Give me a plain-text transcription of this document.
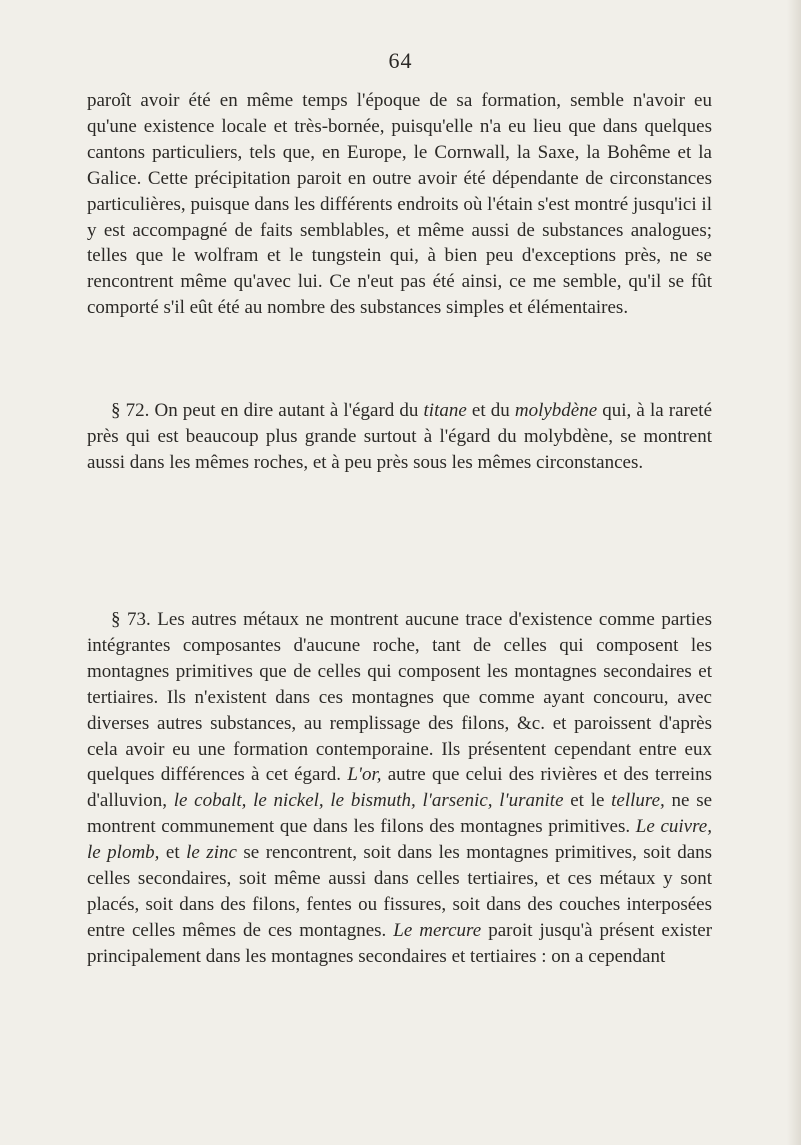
64
paroît avoir été en même temps l'époque de sa formation, semble n'avoir eu qu'une existence locale et très-bornée, puisqu'elle n'a eu lieu que dans quelques cantons particuliers, tels que, en Europe, le Cornwall, la Saxe, la Bohême et la Galice. Cette précipitation paroit en outre avoir été dépendante de circonstances particulières, puisque dans les différents endroits où l'étain s'est montré jusqu'ici il y est accompagné de faits semblables, et même aussi de substances analogues; telles que le wolfram et le tungstein qui, à bien peu d'exceptions près, ne se rencontrent même qu'avec lui. Ce n'eut pas été ainsi, ce me semble, qu'il se fût comporté s'il eût été au nombre des substances simples et élémentaires.
§ 72. On peut en dire autant à l'égard du titane et du molybdène qui, à la rareté près qui est beaucoup plus grande surtout à l'égard du molybdène, se montrent aussi dans les mêmes roches, et à peu près sous les mêmes circonstances.
§ 73. Les autres métaux ne montrent aucune trace d'existence comme parties intégrantes composantes d'aucune roche, tant de celles qui composent les montagnes primitives que de celles qui composent les montagnes secondaires et tertiaires. Ils n'existent dans ces montagnes que comme ayant concouru, avec diverses autres substances, au remplissage des filons, &c. et paroissent d'après cela avoir eu une formation contemporaine. Ils présentent cependant entre eux quelques différences à cet égard. L'or, autre que celui des rivières et des terreins d'alluvion, le cobalt, le nickel, le bismuth, l'arsenic, l'uranite et le tellure, ne se montrent communement que dans les filons des montagnes primitives. Le cuivre, le plomb, et le zinc se rencontrent, soit dans les montagnes primitives, soit dans celles secondaires, soit même aussi dans celles tertiaires, et ces métaux y sont placés, soit dans des filons, fentes ou fissures, soit dans des couches interposées entre celles mêmes de ces montagnes. Le mercure paroit jusqu'à présent exister principalement dans les montagnes secondaires et tertiaires : on a cependant
